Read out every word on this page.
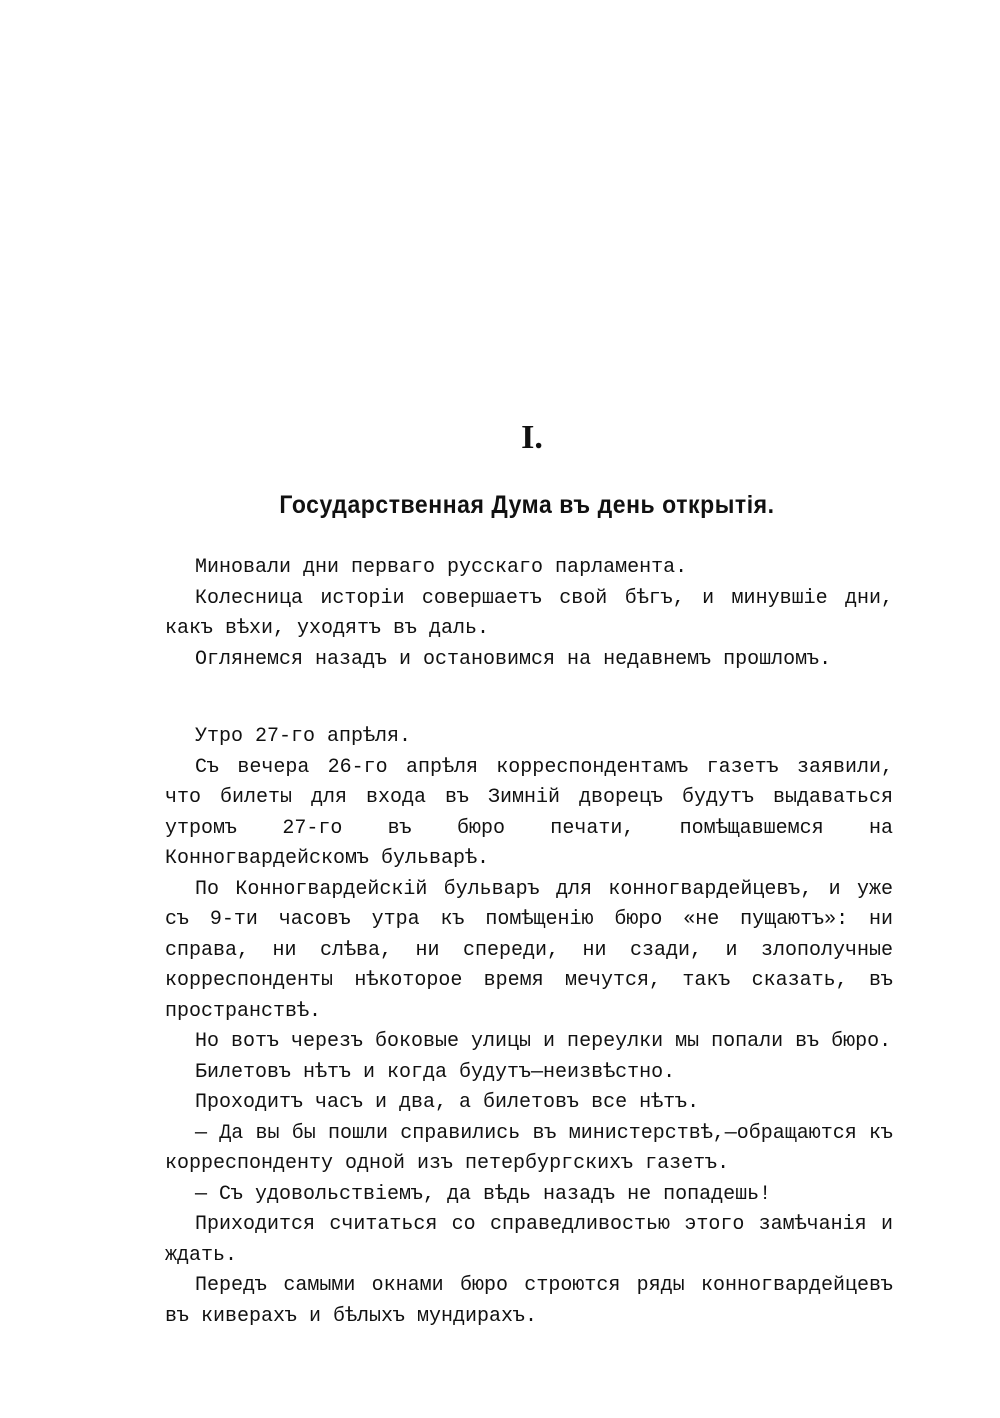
I.
Государственная Дума въ день открытія.

Миновали дни перваго русскаго парламента.

Колесница исторіи совершаетъ свой бѣгъ, и минувшіе дни, какъ вѣхи, уходятъ въ даль.

Оглянемся назадъ и остановимся на недавнемъ прошломъ.

Утро 27-го апрѣля.

Съ вечера 26-го апрѣля корреспондентамъ газетъ заявили, что билеты для входа въ Зимній дворецъ будутъ выдаваться утромъ 27-го въ бюро печати, помѣщавшемся на Конногвардейскомъ бульварѣ.

По Конногвардейскій бульваръ для конногвардейцевъ, и уже съ 9-ти часовъ утра къ помѣщенію бюро «не пущаютъ»: ни справа, ни слѣва, ни спереди, ни сзади, и злополучные корреспонденты нѣкоторое время мечутся, такъ сказать, въ пространствѣ.

Но вотъ черезъ боковые улицы и переулки мы попали въ бюро.

Билетовъ нѣтъ и когда будутъ—неизвѣстно.

Проходитъ часъ и два, а билетовъ все нѣтъ.

— Да вы бы пошли справились въ министерствѣ,—обращаются къ корреспонденту одной изъ петербургскихъ газетъ.

— Съ удовольствіемъ, да вѣдь назадъ не попадешь!

Приходится считаться со справедливостью этого замѣчанія и ждать.

Передъ самыми окнами бюро строются ряды конногвардейцевъ въ киверахъ и бѣлыхъ мундирахъ.
